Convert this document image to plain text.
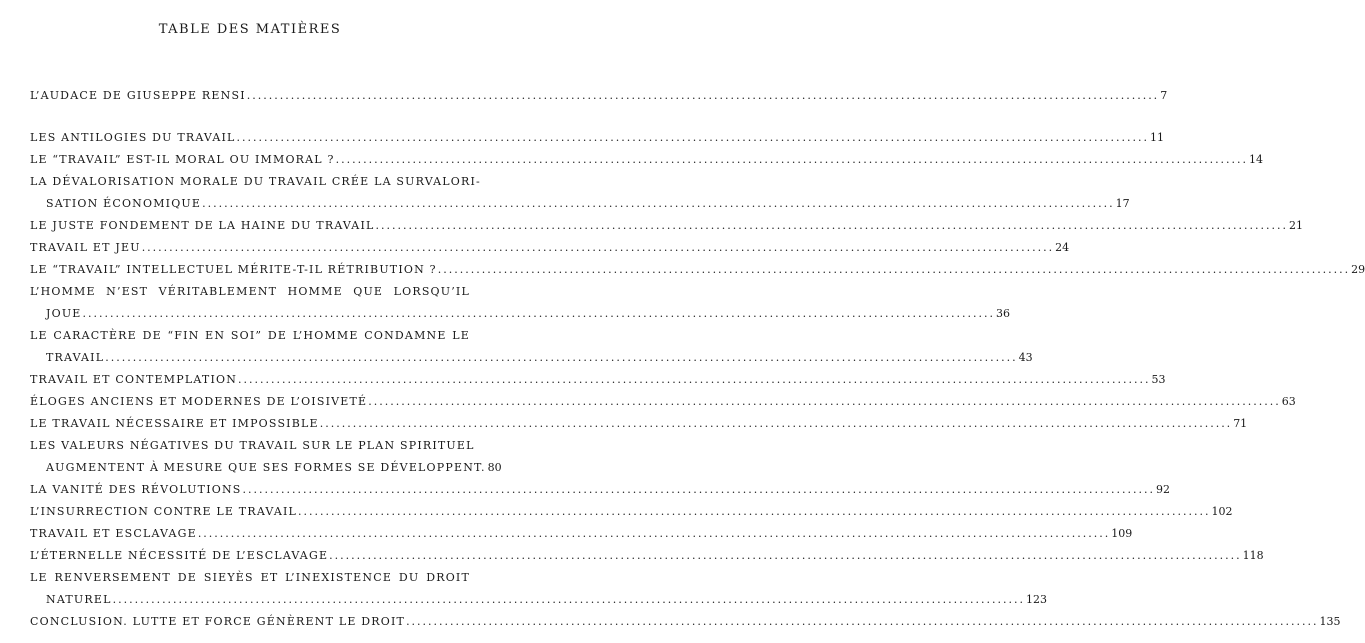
TABLE DES MATIÈRES
L’AUDACE DE GIUSEPPE RENSI .....	7
LES ANTILOGIES DU TRAVAIL .....	11
LE “TRAVAIL” EST-IL MORAL OU IMMORAL ? .....	14
LA DÉVALORISATION MORALE DU TRAVAIL CRÉE LA SURVALORI-
SATION ÉCONOMIQUE .....	17
LE JUSTE FONDEMENT DE LA HAINE DU TRAVAIL .....	21
TRAVAIL ET JEU .....	24
LE “TRAVAIL” INTELLECTUEL MÉRITE-T-IL RÉTRIBUTION ? .....	29
L’HOMME N’EST VÉRITABLEMENT HOMME QUE LORSQU’IL
JOUE .....	36
LE CARACTÈRE DE “FIN EN SOI” DE L’HOMME CONDAMNE LE
TRAVAIL .....	43
TRAVAIL ET CONTEMPLATION .....	53
ÉLOGES ANCIENS ET MODERNES DE L’OISIVETÉ .....	63
LE TRAVAIL NÉCESSAIRE ET IMPOSSIBLE .....	71
LES VALEURS NÉGATIVES DU TRAVAIL SUR LE PLAN SPIRITUEL
AUGMENTENT À MESURE QUE SES FORMES SE DÉVELOPPENT. 80
LA VANITÉ DES RÉVOLUTIONS .....	92
L’INSURRECTION CONTRE LE TRAVAIL .....	102
TRAVAIL ET ESCLAVAGE .....	109
L’ÉTERNELLE NÉCESSITÉ DE L’ESCLAVAGE .....	118
LE RENVERSEMENT DE SIEYÈS ET L’INEXISTENCE DU DROIT
NATUREL .....	123
CONCLUSION. LUTTE ET FORCE GÉNÈRENT LE DROIT .....	135
